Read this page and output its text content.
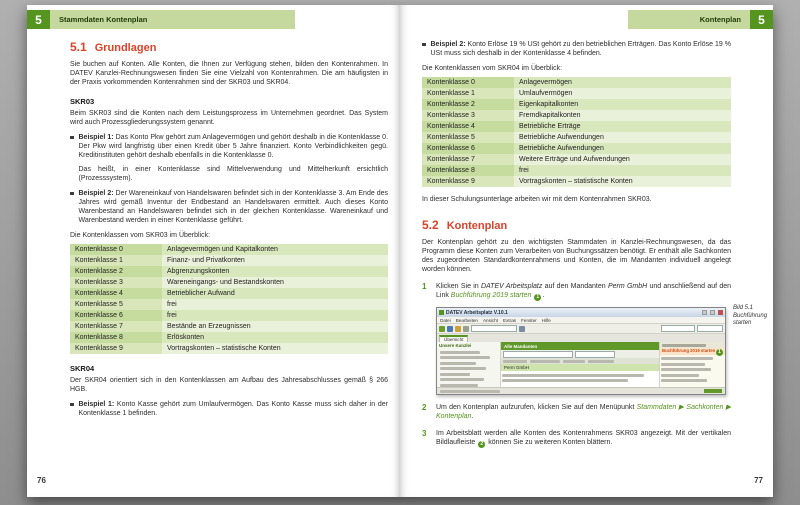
5	Stammdaten Kontenplan
5.1 Grundlagen

Sie buchen auf Konten. Alle Konten, die Ihnen zur Verfügung stehen, bilden den Kontenrahmen. In DATEV Kanzlei-Rechnungswesen finden Sie eine Vielzahl von Kontenrahmen. Die am häufigsten in der Praxis vorkommenden Kontenrahmen sind der SKR03 und SKR04.

SKR03

Beim SKR03 sind die Konten nach dem Leistungsprozess im Unternehmen geordnet. Das System wird auch Prozessgliederungssystem genannt.

Beispiel 1: Das Konto Pkw gehört zum Anlagevermögen und gehört deshalb in die Kontenklasse 0. Der Pkw wird langfristig über einen Kredit über 5 Jahre finanziert. Konto Verbindlichkeiten gegü. Kreditinstituten gehört deshalb ebenfalls in die Kontenklasse 0.

Das heißt, in einer Kontenklasse sind Mittelverwendung und Mittelherkunft ersichtlich (Prozesssystem).

Beispiel 2: Der Wareneinkauf von Handelswaren befindet sich in der Kontenklasse 3. Am Ende des Jahres wird gemäß Inventur der Endbestand an Handelswaren ermittelt. Auch dieses Konto Warenbestand an Handelswaren befindet sich in der gleichen Kontenklasse. Wareneinkauf und Warenbestand werden in einer Kontenklasse geführt.

Die Kontenklassen vom SKR03 im Überblick:

Kontenklasse 0	Anlagevermögen und Kapitalkonten
Kontenklasse 1	Finanz- und Privatkonten
Kontenklasse 2	Abgrenzungskonten
Kontenklasse 3	Wareneingangs- und Bestandskonten
Kontenklasse 4	Betrieblicher Aufwand
Kontenklasse 5	frei
Kontenklasse 6	frei
Kontenklasse 7	Bestände an Erzeugnissen
Kontenklasse 8	Erlöskonten
Kontenklasse 9	Vortragskonten – statistische Konten
SKR04

Der SKR04 orientiert sich in den Kontenklassen am Aufbau des Jahresabschlusses gemäß § 266 HGB.

Beispiel 1: Konto Kasse gehört zum Umlaufvermögen. Das Konto Kasse muss sich daher in der Kontenklasse 1 befinden.
76
Kontenplan	5
Beispiel 2: Konto Erlöse 19 % USt gehört zu den betrieblichen Erträgen. Das Konto Erlöse 19 % USt muss sich deshalb in der Kontenklasse 4 befinden.

Die Kontenklassen vom SKR04 im Überblick:

Kontenklasse 0	Anlagevermögen
Kontenklasse 1	Umlaufvermögen
Kontenklasse 2	Eigenkapitalkonten
Kontenklasse 3	Fremdkapitalkonten
Kontenklasse 4	Betriebliche Erträge
Kontenklasse 5	Betriebliche Aufwendungen
Kontenklasse 6	Betriebliche Aufwendungen
Kontenklasse 7	Weitere Erträge und Aufwendungen
Kontenklasse 8	frei
Kontenklasse 9	Vortragskonten – statistische Konten

In dieser Schulungsunterlage arbeiten wir mit dem Kontenrahmen SKR03.

5.2 Kontenplan

Der Kontenplan gehört zu den wichtigsten Stammdaten in Kanzlei-Rechnungswesen, da das Programm diese Konten zum Verarbeiten von Buchungssätzen benötigt. Er enthält alle Sachkonten des zugeordneten Standardkontenrahmens und Konten, die im Mandanten individuell angelegt worden können.

1	Klicken Sie in DATEV Arbeitsplatz auf den Mandanten Perm GmbH und anschließend auf den Link Buchführung 2019 starten 1 .
DATEV Arbeitsplatz V.10.1
Datei Bearbeiten Ansicht Extras Fenster Hilfe
Übersicht
Unsere Kanzlei	Alle Mandanten
Perm GmbH
Buchführung 2019 starten 1
2	Um den Kontenplan aufzurufen, klicken Sie auf den Menüpunkt Stammdaten ▶ Sachkonten ▶ Kontenplan.
3	Im Arbeitsblatt werden alle Konten des Kontenrahmens SKR03 angezeigt. Mit der vertikalen Bildlaufleiste 2 können Sie zu weiteren Konten blättern.
Bild 5.1 Buchführung starten
77
